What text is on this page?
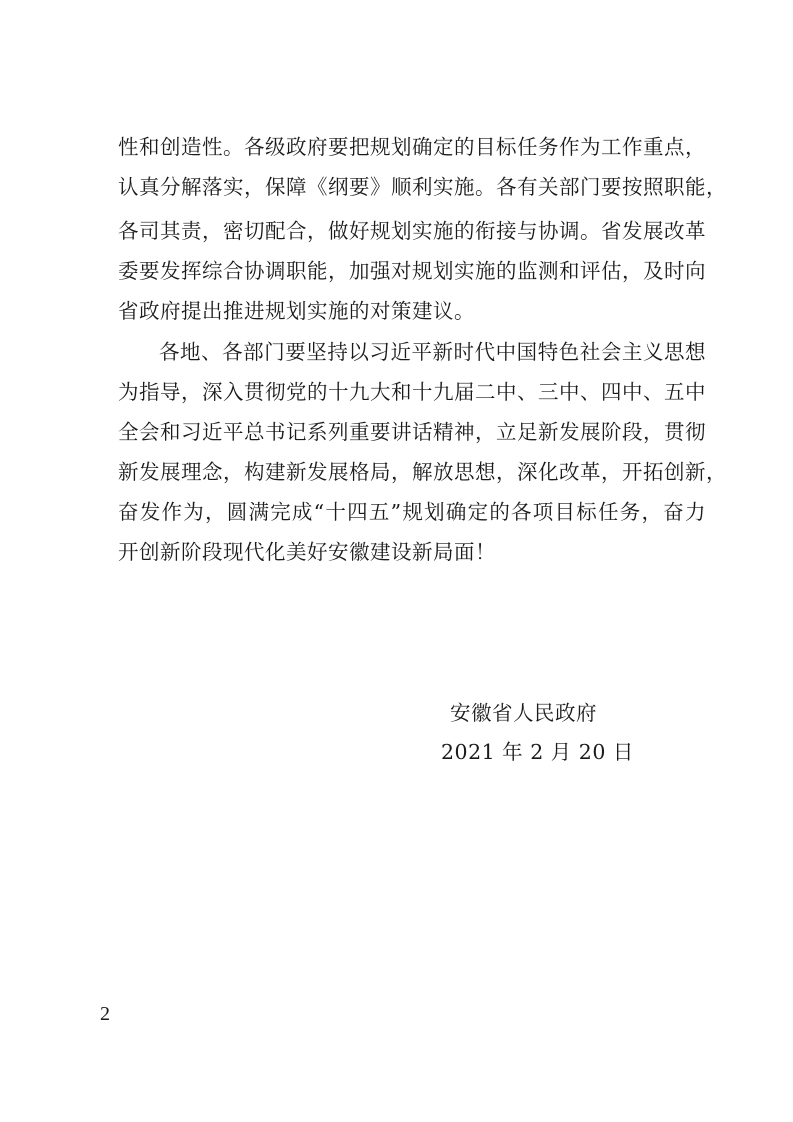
性和创造性。各级政府要把规划确定的目标任务作为工作重点，
认真分解落实，保障《纲要》顺利实施。各有关部门要按照职能，
各司其责，密切配合，做好规划实施的衔接与协调。省发展改革
委要发挥综合协调职能，加强对规划实施的监测和评估，及时向
省政府提出推进规划实施的对策建议。
各地、各部门要坚持以习近平新时代中国特色社会主义思想
为指导，深入贯彻党的十九大和十九届二中、三中、四中、五中
全会和习近平总书记系列重要讲话精神，立足新发展阶段，贯彻
新发展理念，构建新发展格局，解放思想，深化改革，开拓创新，
奋发作为，圆满完成“十四五”规划确定的各项目标任务，奋力
开创新阶段现代化美好安徽建设新局面！
安徽省人民政府
2021 年 2 月 20 日
2
